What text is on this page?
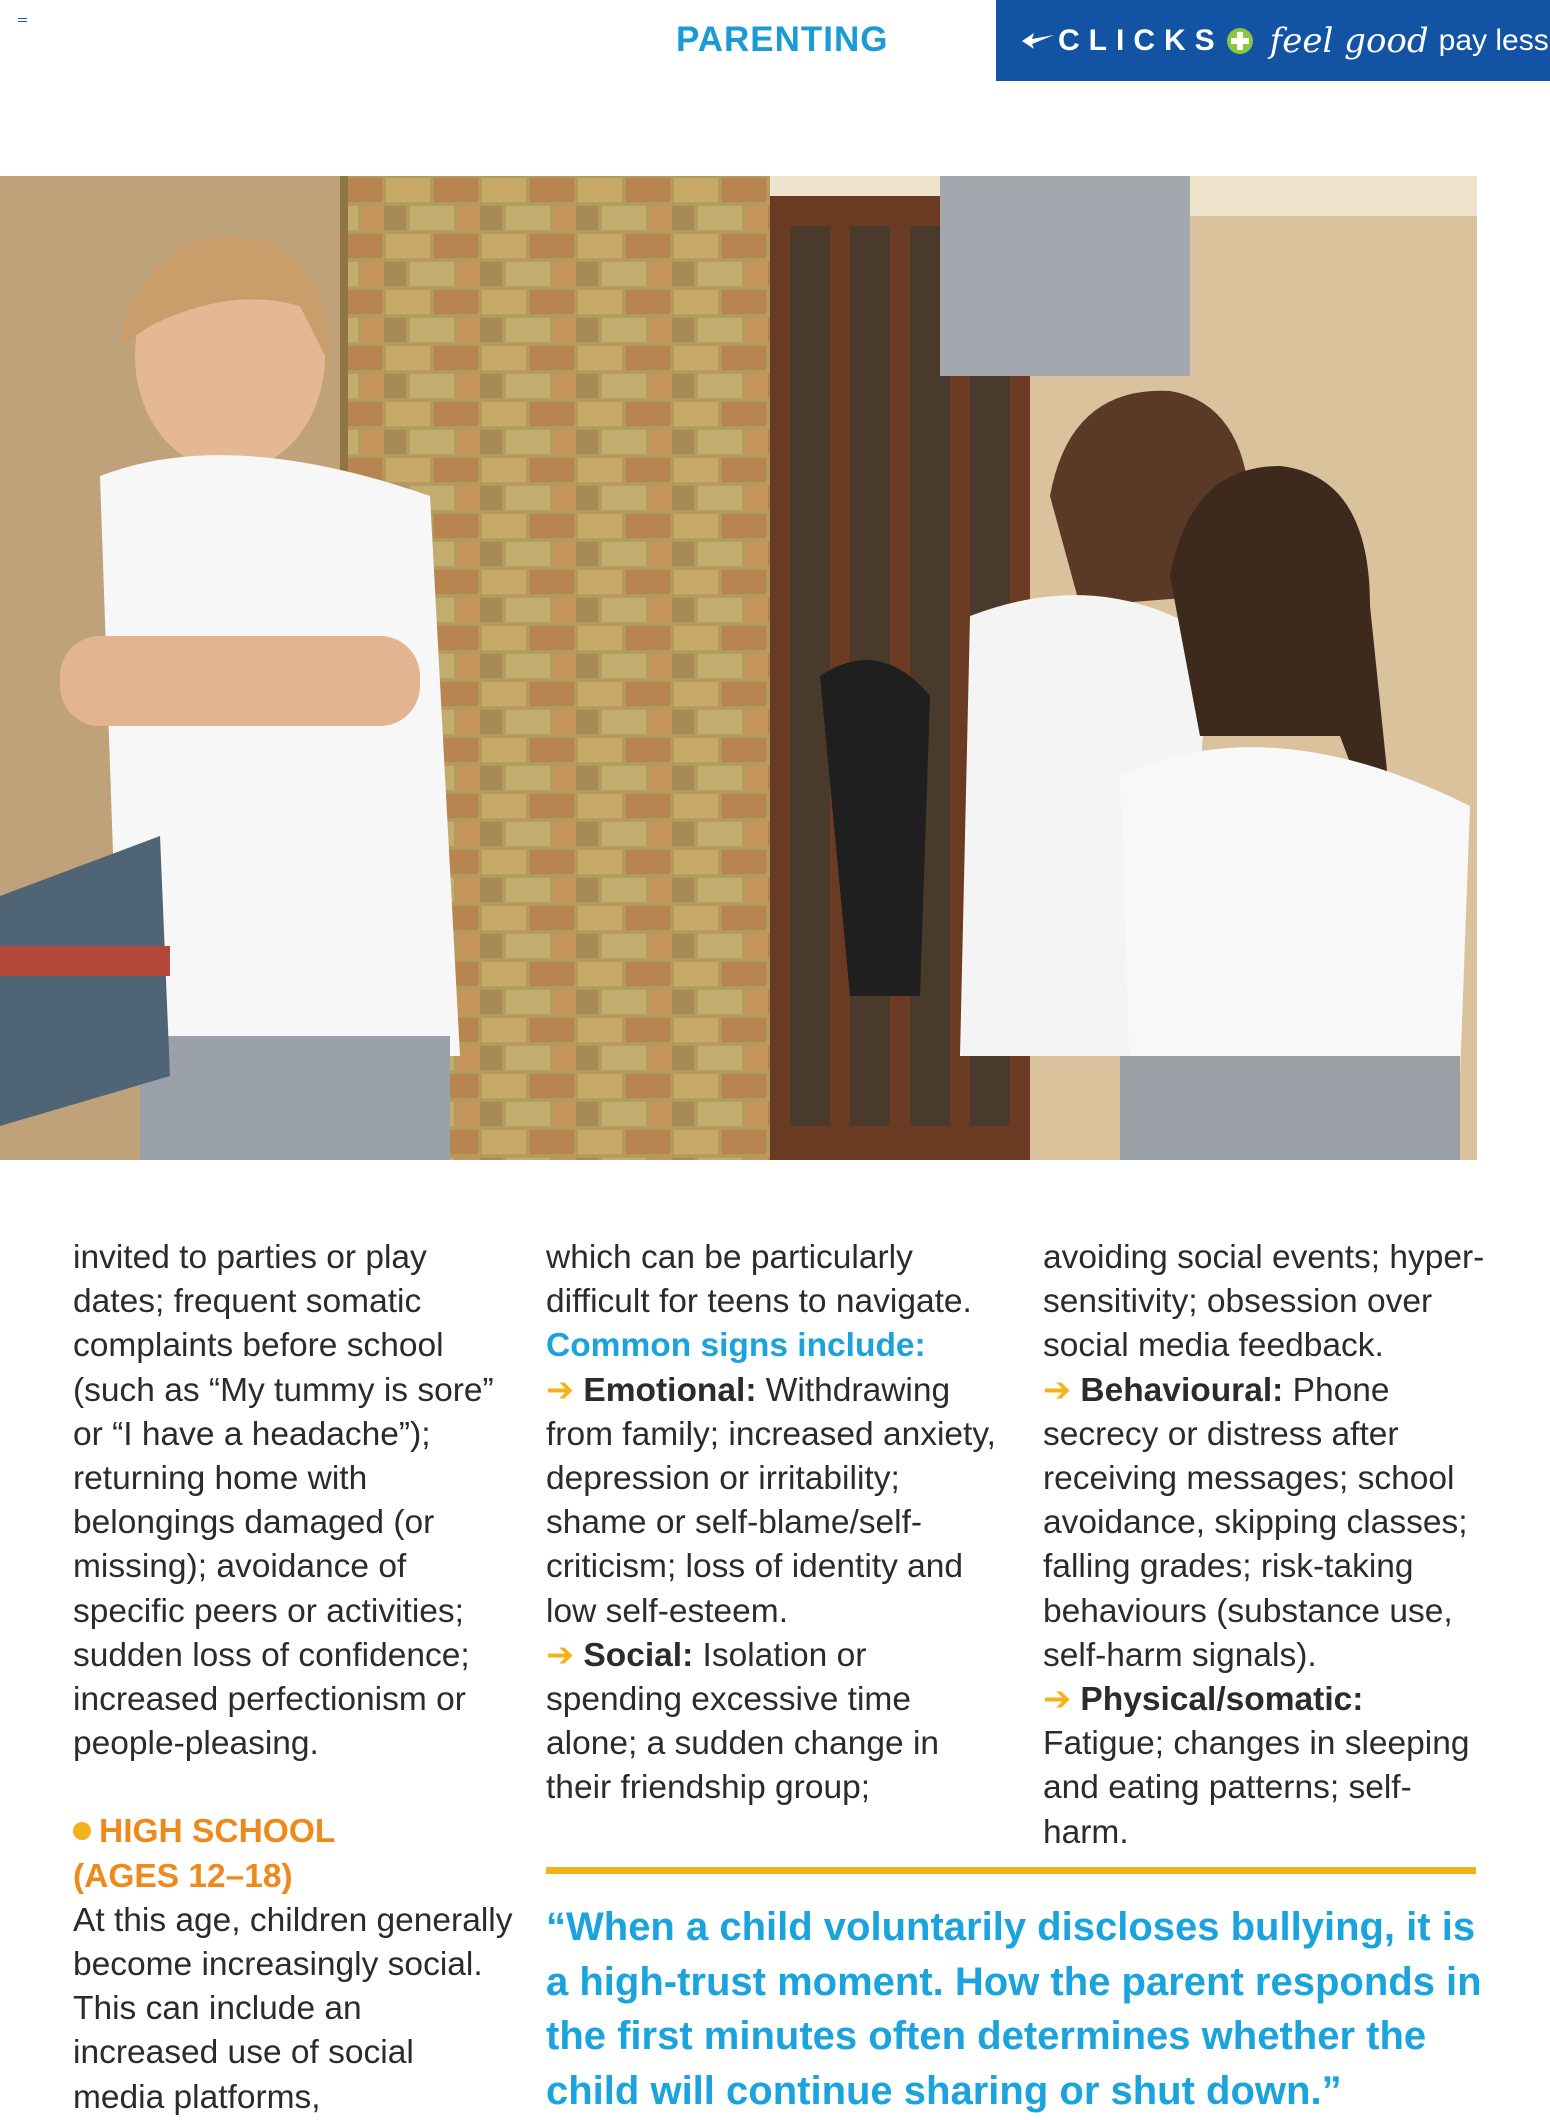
PARENTING	CLICKS feel good pay less

invited to parties or play dates; frequent somatic complaints before school (such as “My tummy is sore” or “I have a headache”); returning home with belongings damaged (or missing); avoidance of specific peers or activities; sudden loss of confidence; increased perfectionism or people-pleasing.

HIGH SCHOOL

(AGES 12–18)

At this age, children generally become increasingly social. This can include an increased use of social media platforms,

which can be particularly difficult for teens to navigate.

Common signs include:

➔ Emotional: Withdrawing from family; increased anxiety, depression or irritability; shame or self-blame/self-criticism; loss of identity and low self-esteem.

➔ Social: Isolation or spending excessive time alone; a sudden change in their friendship group;

avoiding social events; hyper-sensitivity; obsession over social media feedback.

➔ Behavioural: Phone secrecy or distress after receiving messages; school avoidance, skipping classes; falling grades; risk-taking behaviours (substance use, self-harm signals).

➔ Physical/somatic: Fatigue; changes in sleeping and eating patterns; self-harm.

“When a child voluntarily discloses bullying, it is a high-trust moment. How the parent responds in the first minutes often determines whether the child will continue sharing or shut down.”
